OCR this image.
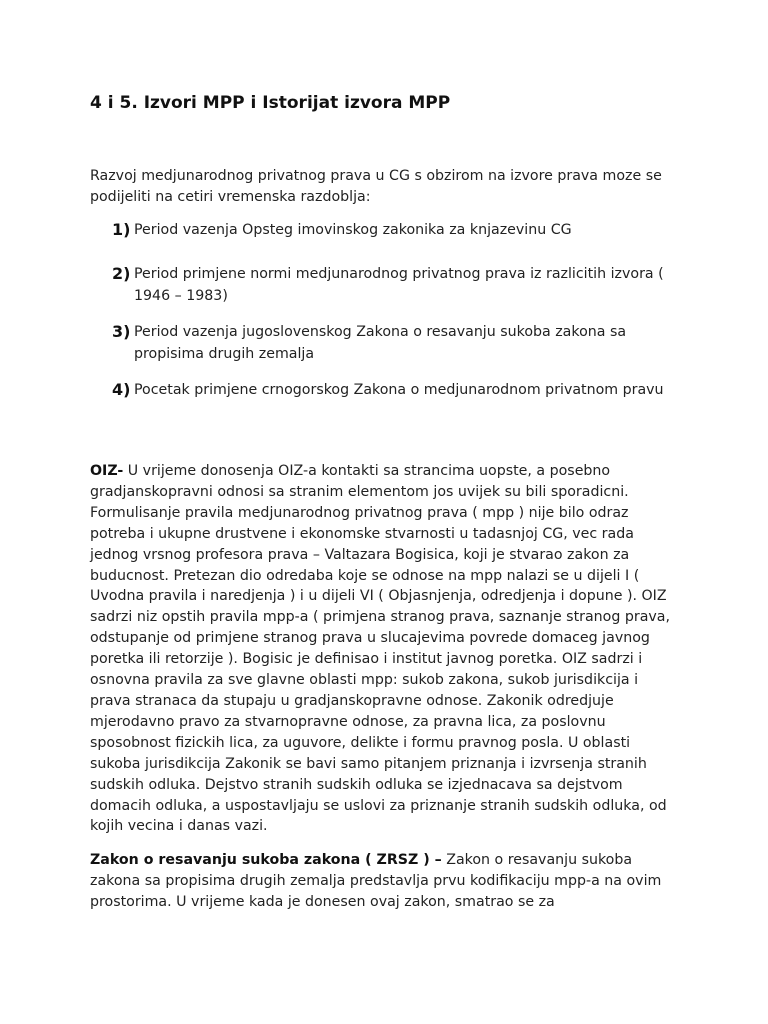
4 i 5. Izvori MPP i Istorijat izvora MPP

Razvoj medjunarodnog privatnog prava u CG s obzirom na izvore prava moze se podijeliti na cetiri vremenska razdoblja:

1) Period vazenja Opsteg imovinskog zakonika za knjazevinu CG
2) Period primjene normi medjunarodnog privatnog prava iz razlicitih izvora ( 1946 – 1983)
3) Period vazenja jugoslovenskog Zakona o resavanju sukoba zakona sa propisima drugih zemalja
4) Pocetak primjene crnogorskog Zakona o medjunarodnom privatnom pravu

OIZ- U vrijeme donosenja OIZ-a kontakti sa strancima uopste, a posebno gradjanskopravni odnosi sa stranim elementom jos uvijek su bili sporadicni. Formulisanje pravila medjunarodnog privatnog prava ( mpp ) nije bilo odraz potreba i ukupne drustvene i ekonomske stvarnosti u tadasnjoj CG, vec rada jednog vrsnog profesora prava – Valtazara Bogisica, koji je stvarao zakon za buducnost. Pretezan dio odredaba koje se odnose na mpp nalazi se u dijeli I ( Uvodna pravila i naredjenja ) i u dijeli VI ( Objasnjenja, odredjenja i dopune ). OIZ sadrzi niz opstih pravila mpp-a ( primjena stranog prava, saznanje stranog prava, odstupanje od primjene stranog prava u slucajevima povrede domaceg javnog poretka ili retorzije ). Bogisic je definisao i institut javnog poretka. OIZ sadrzi i osnovna pravila za sve glavne oblasti mpp: sukob zakona, sukob jurisdikcija i prava stranaca da stupaju u gradjanskopravne odnose. Zakonik odredjuje mjerodavno pravo za stvarnopravne odnose, za pravna lica, za poslovnu sposobnost fizickih lica, za uguvore, delikte i formu pravnog posla. U oblasti sukoba jurisdikcija Zakonik se bavi samo pitanjem priznanja i izvrsenja stranih sudskih odluka. Dejstvo stranih sudskih odluka se izjednacava sa dejstvom domacih odluka, a uspostavljaju se uslovi za priznanje stranih sudskih odluka, od kojih vecina i danas vazi.

Zakon o resavanju sukoba zakona ( ZRSZ ) – Zakon o resavanju sukoba zakona sa propisima drugih zemalja predstavlja prvu kodifikaciju mpp-a na ovim prostorima. U vrijeme kada je donesen ovaj zakon, smatrao se za
